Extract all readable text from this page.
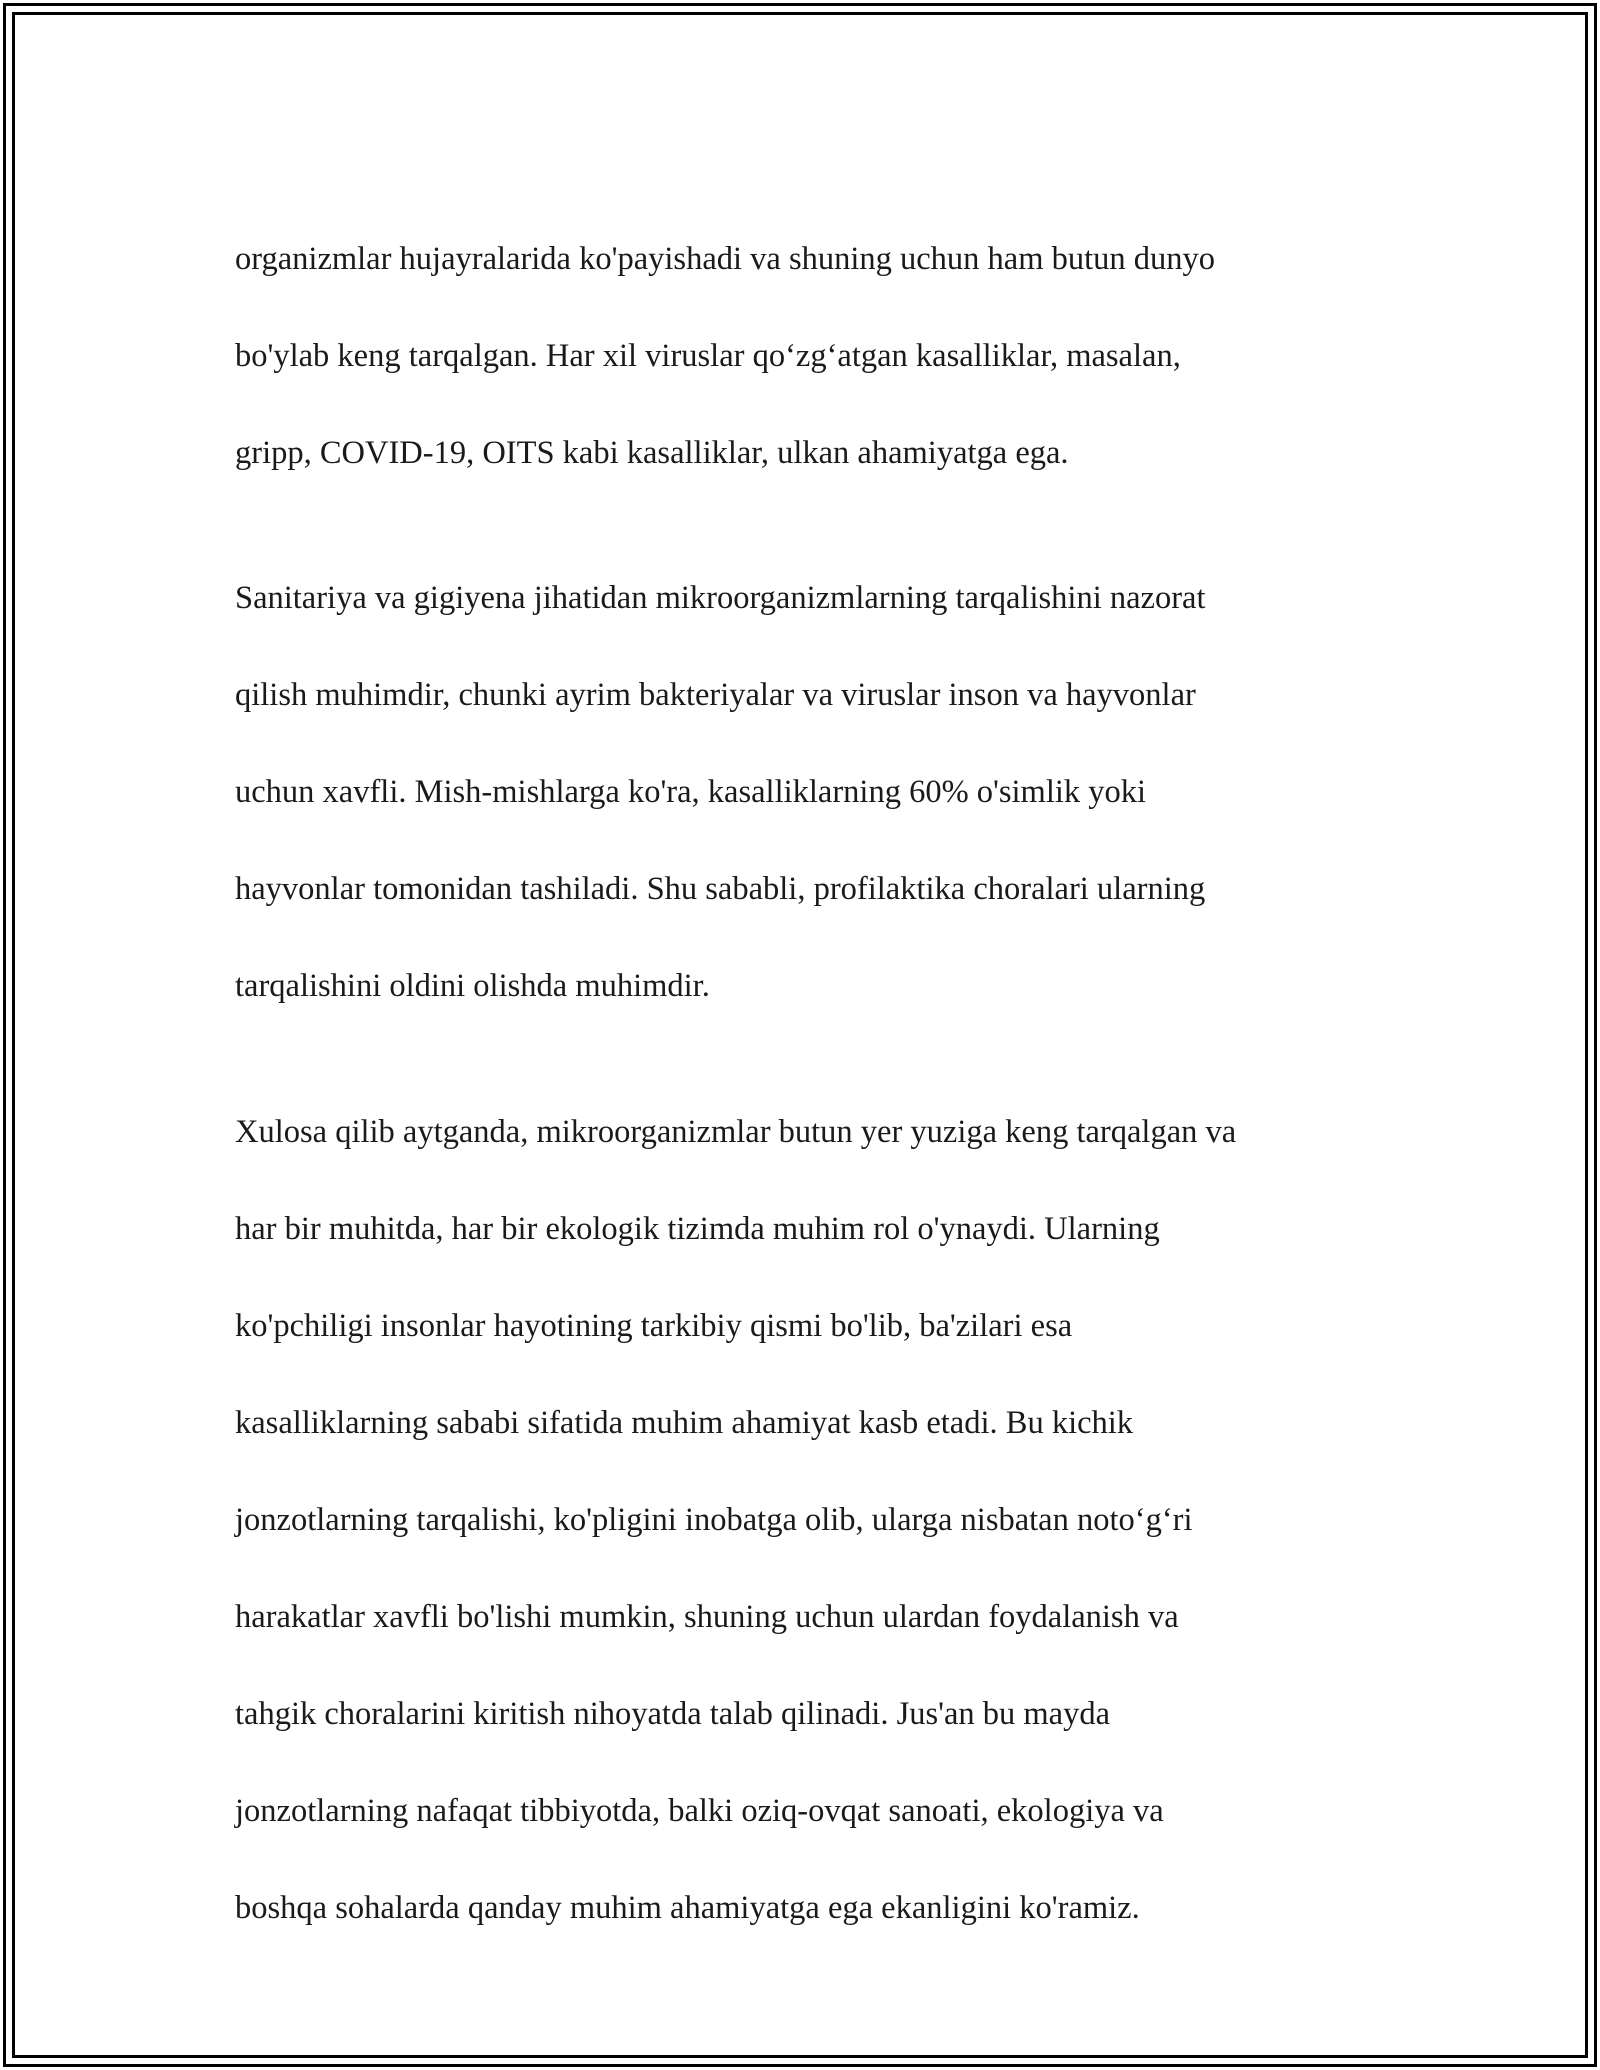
organizmlar hujayralarida ko'payishadi va shuning uchun ham butun dunyo

bo'ylab keng tarqalgan. Har xil viruslar qo‘zg‘atgan kasalliklar, masalan,

gripp, COVID-19, OITS kabi kasalliklar, ulkan ahamiyatga ega.

Sanitariya va gigiyena jihatidan mikroorganizmlarning tarqalishini nazorat

qilish muhimdir, chunki ayrim bakteriyalar va viruslar inson va hayvonlar

uchun xavfli. Mish-mishlarga ko'ra, kasalliklarning 60% o'simlik yoki

hayvonlar tomonidan tashiladi. Shu sababli, profilaktika choralari ularning

tarqalishini oldini olishda muhimdir.

Xulosa qilib aytganda, mikroorganizmlar butun yer yuziga keng tarqalgan va

har bir muhitda, har bir ekologik tizimda muhim rol o'ynaydi. Ularning

ko'pchiligi insonlar hayotining tarkibiy qismi bo'lib, ba'zilari esa

kasalliklarning sababi sifatida muhim ahamiyat kasb etadi. Bu kichik

jonzotlarning tarqalishi, ko'pligini inobatga olib, ularga nisbatan noto‘g‘ri

harakatlar xavfli bo'lishi mumkin, shuning uchun ulardan foydalanish va

tahgik choralarini kiritish nihoyatda talab qilinadi. Jus'an bu mayda

jonzotlarning nafaqat tibbiyotda, balki oziq-ovqat sanoati, ekologiya va

boshqa sohalarda qanday muhim ahamiyatga ega ekanligini ko'ramiz.
